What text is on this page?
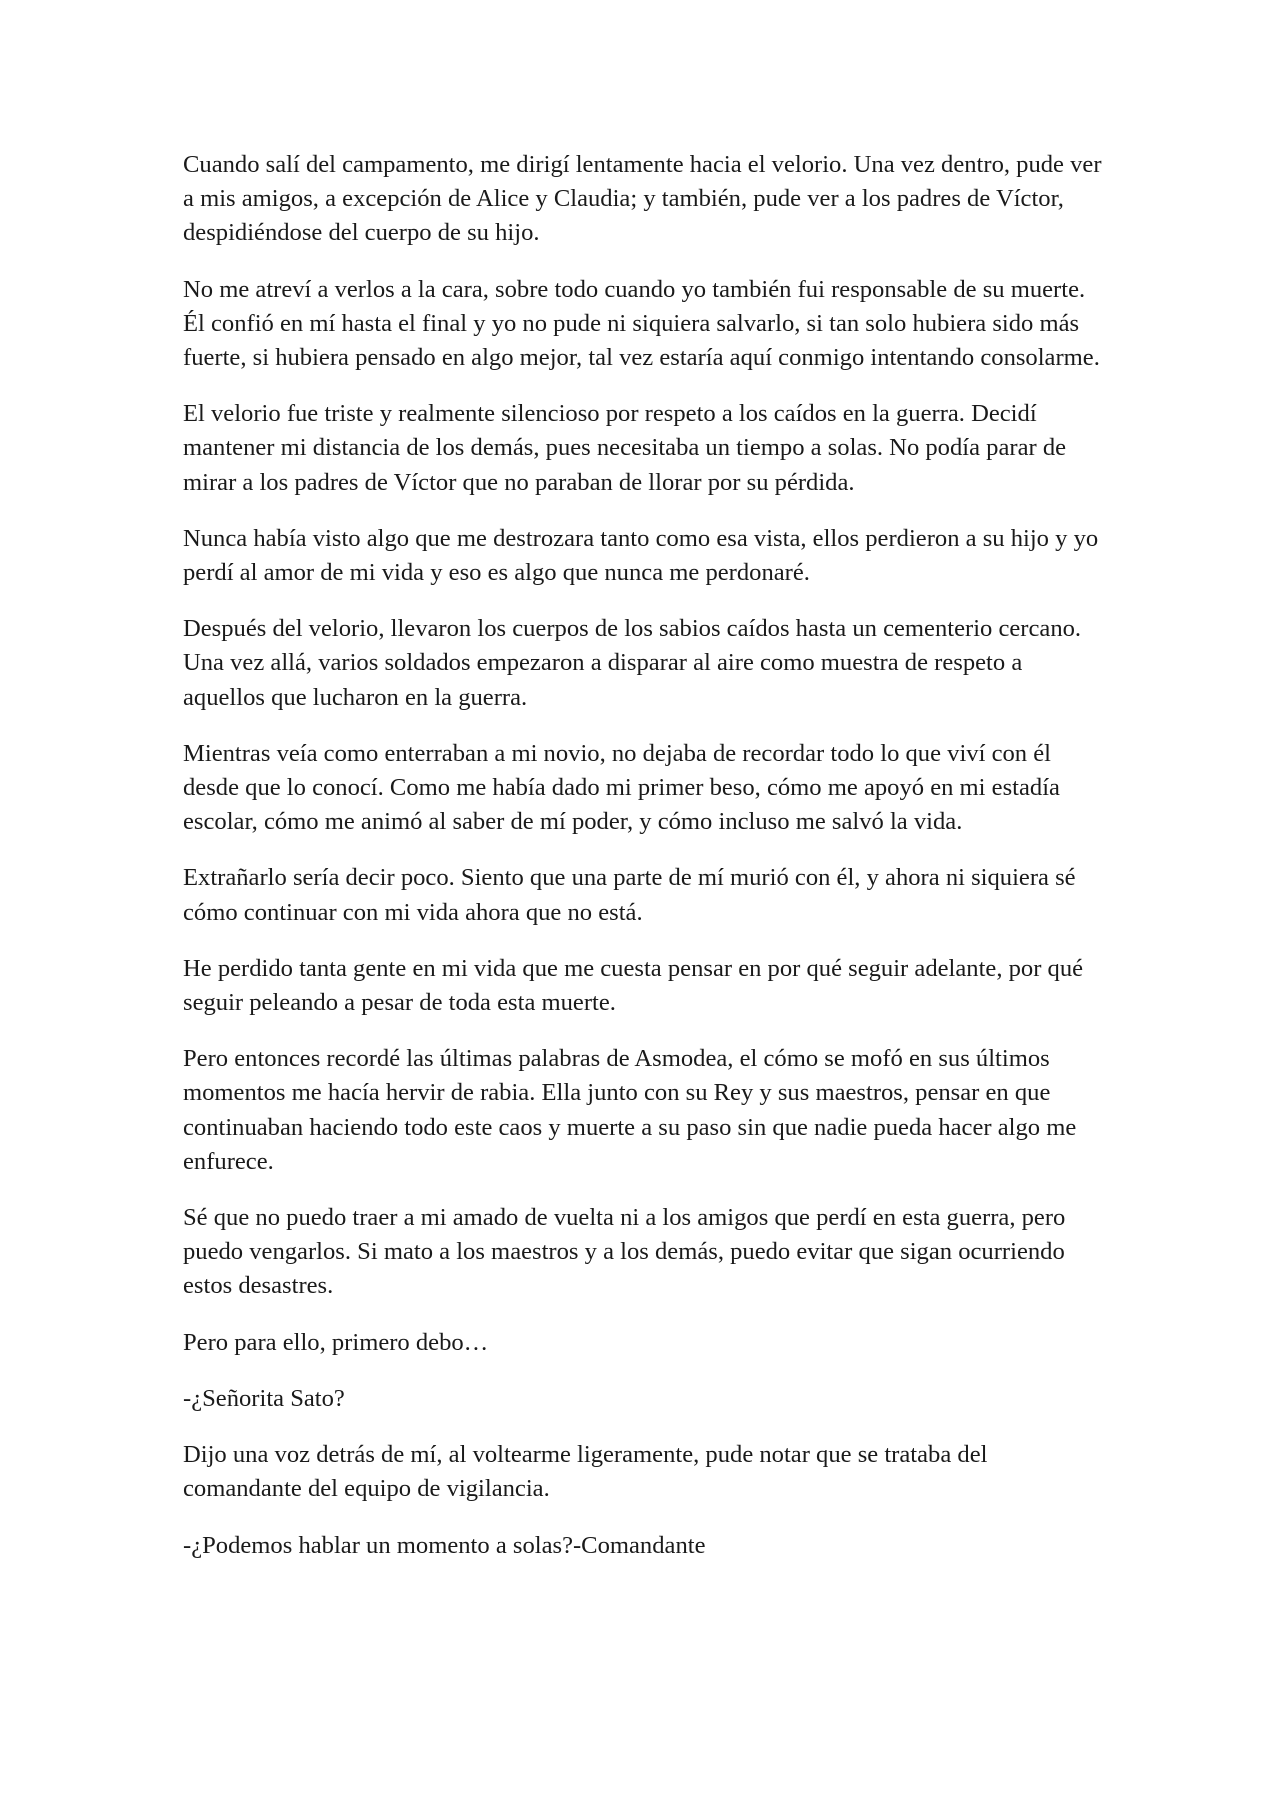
Cuando salí del campamento, me dirigí lentamente hacia el velorio. Una vez dentro, pude ver a mis amigos, a excepción de Alice y Claudia; y también, pude ver a los padres de Víctor, despidiéndose del cuerpo de su hijo.

No me atreví a verlos a la cara, sobre todo cuando yo también fui responsable de su muerte. Él confió en mí hasta el final y yo no pude ni siquiera salvarlo, si tan solo hubiera sido más fuerte, si hubiera pensado en algo mejor, tal vez estaría aquí conmigo intentando consolarme.

El velorio fue triste y realmente silencioso por respeto a los caídos en la guerra. Decidí mantener mi distancia de los demás, pues necesitaba un tiempo a solas. No podía parar de mirar a los padres de Víctor que no paraban de llorar por su pérdida.

Nunca había visto algo que me destrozara tanto como esa vista, ellos perdieron a su hijo y yo perdí al amor de mi vida y eso es algo que nunca me perdonaré.

Después del velorio, llevaron los cuerpos de los sabios caídos hasta un cementerio cercano. Una vez allá, varios soldados empezaron a disparar al aire como muestra de respeto a aquellos que lucharon en la guerra.

Mientras veía como enterraban a mi novio, no dejaba de recordar todo lo que viví con él desde que lo conocí. Como me había dado mi primer beso, cómo me apoyó en mi estadía escolar, cómo me animó al saber de mí poder, y cómo incluso me salvó la vida.

Extrañarlo sería decir poco. Siento que una parte de mí murió con él, y ahora ni siquiera sé cómo continuar con mi vida ahora que no está.

He perdido tanta gente en mi vida que me cuesta pensar en por qué seguir adelante, por qué seguir peleando a pesar de toda esta muerte.

Pero entonces recordé las últimas palabras de Asmodea, el cómo se mofó en sus últimos momentos me hacía hervir de rabia. Ella junto con su Rey y sus maestros, pensar en que continuaban haciendo todo este caos y muerte a su paso sin que nadie pueda hacer algo me enfurece.

Sé que no puedo traer a mi amado de vuelta ni a los amigos que perdí en esta guerra, pero puedo vengarlos. Si mato a los maestros y a los demás, puedo evitar que sigan ocurriendo estos desastres.

Pero para ello, primero debo…

-¿Señorita Sato?

Dijo una voz detrás de mí, al voltearme ligeramente, pude notar que se trataba del comandante del equipo de vigilancia.

-¿Podemos hablar un momento a solas?-Comandante
